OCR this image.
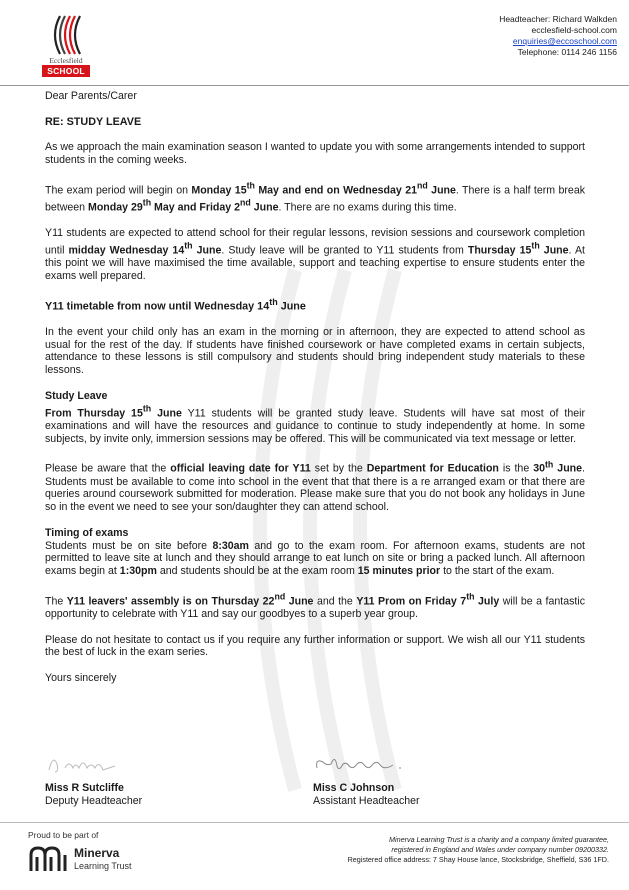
Ecclesfield
SCHOOL
Headteacher: Richard Walkden
ecclesfield-school.com
enquiries@eccoschool.com
Telephone: 0114 246 1156

Dear Parents/Carer

RE: STUDY LEAVE

As we approach the main examination season I wanted to update you with some arrangements intended to support students in the coming weeks.

The exam period will begin on Monday 15th May and end on Wednesday 21nd June. There is a half term break between Monday 29th May and Friday 2nd June. There are no exams during this time.

Y11 students are expected to attend school for their regular lessons, revision sessions and coursework completion until midday Wednesday 14th June. Study leave will be granted to Y11 students from Thursday 15th June. At this point we will have maximised the time available, support and teaching expertise to ensure students enter the exams well prepared.

Y11 timetable from now until Wednesday 14th June

In the event your child only has an exam in the morning or in afternoon, they are expected to attend school as usual for the rest of the day. If students have finished coursework or have completed exams in certain subjects, attendance to these lessons is still compulsory and students should bring independent study materials to these lessons.

Study Leave
From Thursday 15th June Y11 students will be granted study leave. Students will have sat most of their examinations and will have the resources and guidance to continue to study independently at home. In some subjects, by invite only, immersion sessions may be offered. This will be communicated via text message or letter.

Please be aware that the official leaving date for Y11 set by the Department for Education is the 30th June. Students must be available to come into school in the event that that there is a re arranged exam or that there are queries around coursework submitted for moderation. Please make sure that you do not book any holidays in June so in the event we need to see your son/daughter they can attend school.

Timing of exams
Students must be on site before 8:30am and go to the exam room. For afternoon exams, students are not permitted to leave site at lunch and they should arrange to eat lunch on site or bring a packed lunch. All afternoon exams begin at 1:30pm and students should be at the exam room 15 minutes prior to the start of the exam.

The Y11 leavers' assembly is on Thursday 22nd June and the Y11 Prom on Friday 7th July will be a fantastic opportunity to celebrate with Y11 and say our goodbyes to a superb year group.

Please do not hesitate to contact us if you require any further information or support. We wish all our Y11 students the best of luck in the exam series.

Yours sincerely

Miss R Sutcliffe
Deputy Headteacher
Miss C Johnson
Assistant Headteacher
Proud to be part of
Minerva
Learning Trust
Minerva Learning Trust is a charity and a company limited guarantee,
registered in England and Wales under company number 09200332.
Registered office address: 7 Shay House lance, Stocksbridge, Sheffield, S36 1FD.
